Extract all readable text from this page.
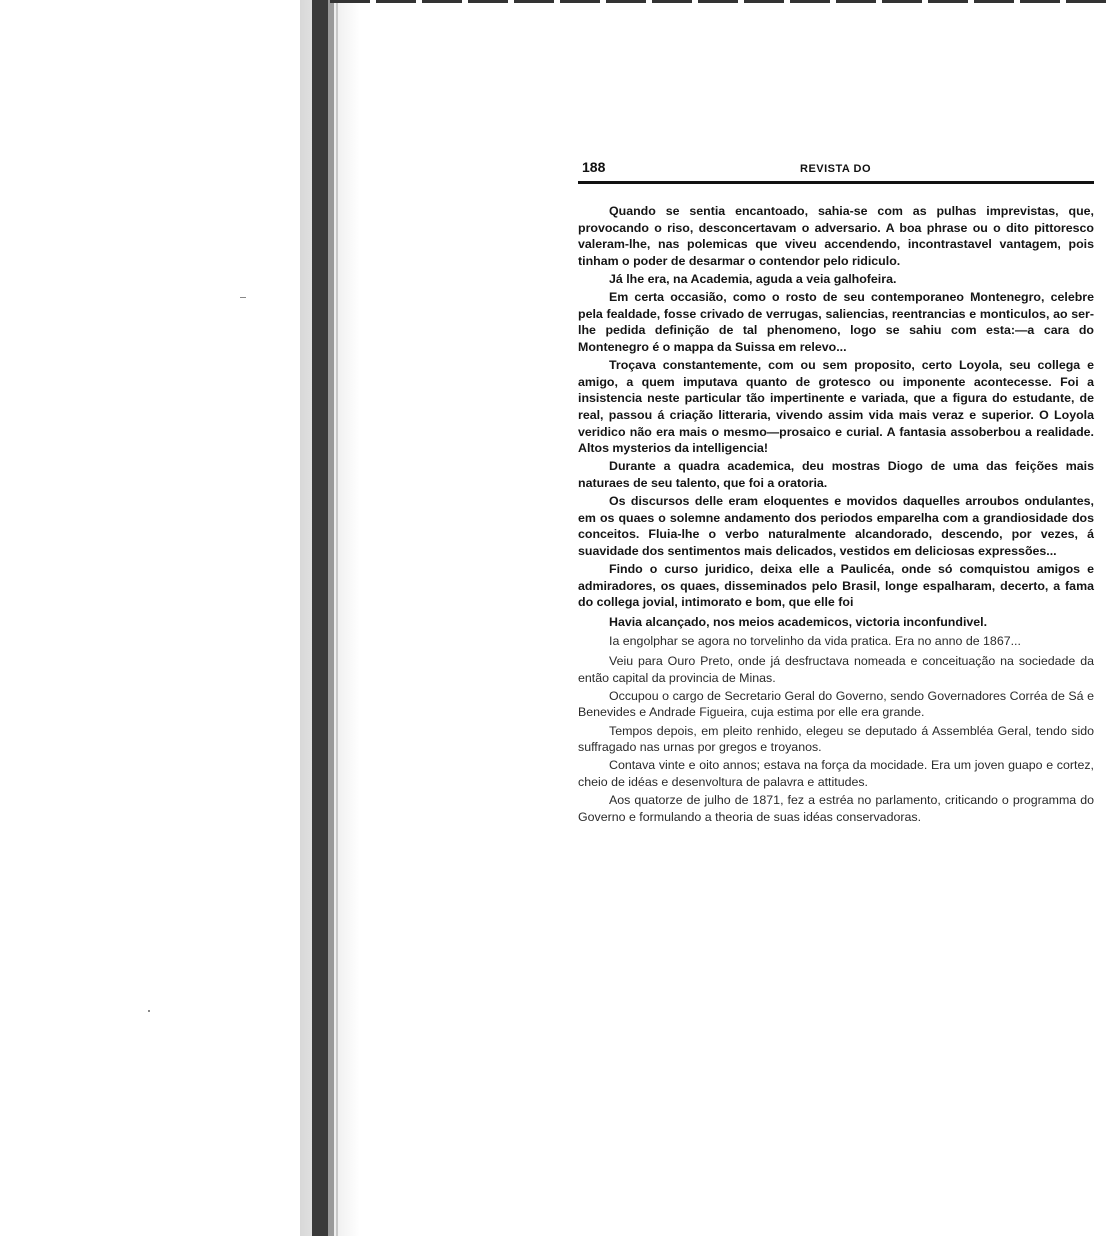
188	REVISTA DO

Quando se sentia encantoado, sahia-se com as pulhas imprevistas, que, provocando o riso, desconcertavam o adversario. A boa phrase ou o dito pittoresco valeram-lhe, nas polemicas que viveu accendendo, incontrastavel vantagem, pois tinham o poder de desarmar o contendor pelo ridiculo.

Já lhe era, na Academia, aguda a veia galhofeira.

Em certa occasião, como o rosto de seu contemporaneo Montenegro, celebre pela fealdade, fosse crivado de verrugas, saliencias, reentrancias e monticulos, ao ser-lhe pedida definição de tal phenomeno, logo se sahiu com esta:—a cara do Montenegro é o mappa da Suissa em relevo...

Troçava constantemente, com ou sem proposito, certo Loyola, seu collega e amigo, a quem imputava quanto de grotesco ou imponente acontecesse. Foi a insistencia neste particular tão impertinente e variada, que a figura do estudante, de real, passou á criação litteraria, vivendo assim vida mais veraz e superior. O Loyola veridico não era mais o mesmo—prosaico e curial. A fantasia assoberbou a realidade. Altos mysterios da intelligencia!

Durante a quadra academica, deu mostras Diogo de uma das feições mais naturaes de seu talento, que foi a oratoria.

Os discursos delle eram eloquentes e movidos daquelles arroubos ondulantes, em os quaes o solemne andamento dos periodos emparelha com a grandiosidade dos conceitos. Fluia-lhe o verbo naturalmente alcandorado, descendo, por vezes, á suavidade dos sentimentos mais delicados, vestidos em deliciosas expressões...

Findo o curso juridico, deixa elle a Paulicéa, onde só comquistou amigos e admiradores, os quaes, disseminados pelo Brasil, longe espalharam, decerto, a fama do collega jovial, intimorato e bom, que elle foi

Havia alcançado, nos meios academicos, victoria inconfundivel.

Ia engolphar se agora no torvelinho da vida pratica. Era no anno de 1867...

Veiu para Ouro Preto, onde já desfructava nomeada e conceituação na sociedade da então capital da provincia de Minas.

Occupou o cargo de Secretario Geral do Governo, sendo Governadores Corréa de Sá e Benevides e Andrade Figueira, cuja estima por elle era grande.

Tempos depois, em pleito renhido, elegeu se deputado á Assembléa Geral, tendo sido suffragado nas urnas por gregos e troyanos.

Contava vinte e oito annos; estava na força da mocidade. Era um joven guapo e cortez, cheio de idéas e desenvoltura de palavra e attitudes.

Aos quatorze de julho de 1871, fez a estréa no parlamento, criticando o programma do Governo e formulando a theoria de suas idéas conservadoras.
